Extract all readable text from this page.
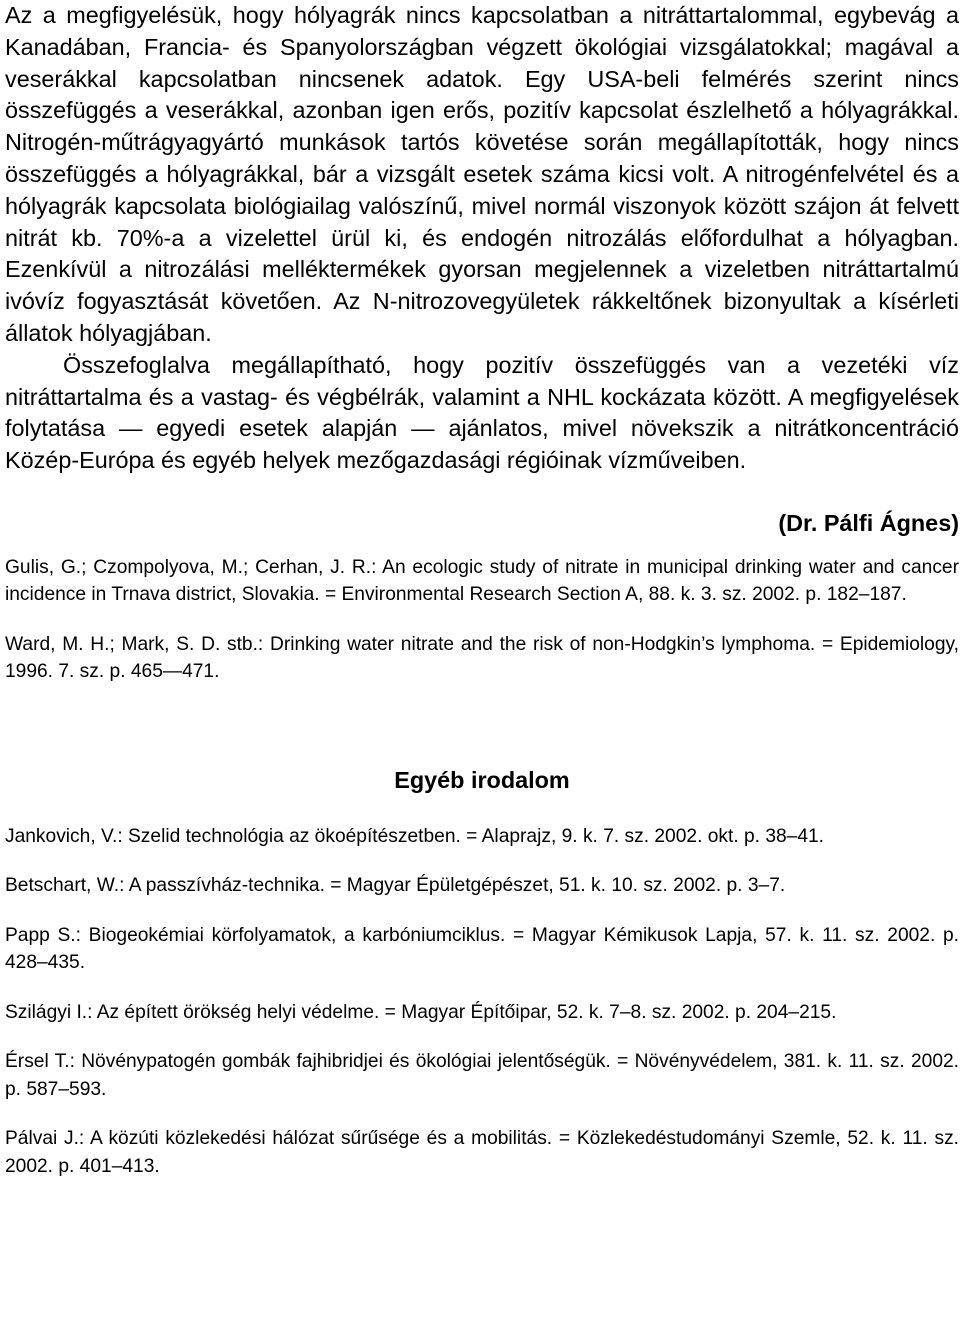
Az a megfigyelésük, hogy hólyagrák nincs kapcsolatban a nitráttartalommal, egybevág a Kanadában, Francia- és Spanyolországban végzett ökológiai vizsgálatokkal; magával a veserákkal kapcsolatban nincsenek adatok. Egy USA-beli felmérés szerint nincs összefüggés a veserákkal, azonban igen erős, pozitív kapcsolat észlelhető a hólyagrákkal. Nitrogén-műtrágyagyártó munkások tartós követése során megállapították, hogy nincs összefüggés a hólyagrákkal, bár a vizsgált esetek száma kicsi volt. A nitrogénfelvétel és a hólyagrák kapcsolata biológiailag valószínű, mivel normál viszonyok között szájon át felvett nitrát kb. 70%-a a vizelettel ürül ki, és endogén nitrozálás előfordulhat a hólyagban. Ezenkívül a nitrozálási melléktermékek gyorsan megjelennek a vizeletben nitráttartalmú ivóvíz fogyasztását követően. Az N-nitrozovegyületek rákkeltőnek bizonyultak a kísérleti állatok hólyagjában.

Összefoglalva megállapítható, hogy pozitív összefüggés van a vezetéki víz nitráttartalma és a vastag- és végbélrák, valamint a NHL kockázata között. A megfigyelések folytatása — egyedi esetek alapján — ajánlatos, mivel növekszik a nitrátkoncentráció Közép-Európa és egyéb helyek mezőgazdasági régióinak vízműveiben.

(Dr. Pálfi Ágnes)

Gulis, G.; Czompolyova, M.; Cerhan, J. R.: An ecologic study of nitrate in municipal drinking water and cancer incidence in Trnava district, Slovakia. = Environmental Research Section A, 88. k. 3. sz. 2002. p. 182–187.

Ward, M. H.; Mark, S. D. stb.: Drinking water nitrate and the risk of non-Hodgkin’s lymphoma. = Epidemiology, 1996. 7. sz. p. 465—471.

Egyéb irodalom

Jankovich, V.: Szelid technológia az ökoépítészetben. = Alaprajz, 9. k. 7. sz. 2002. okt. p. 38–41.

Betschart, W.: A passzívház-technika. = Magyar Épületgépészet, 51. k. 10. sz. 2002. p. 3–7.

Papp S.: Biogeokémiai körfolyamatok, a karbóniumciklus. = Magyar Kémikusok Lapja, 57. k. 11. sz. 2002. p. 428–435.

Szilágyi I.: Az épített örökség helyi védelme. = Magyar Építőipar, 52. k. 7–8. sz. 2002. p. 204–215.

Érsel T.: Növénypatogén gombák fajhibridjei és ökológiai jelentőségük. = Növényvédelem, 381. k. 11. sz. 2002. p. 587–593.

Pálvai J.: A közúti közlekedési hálózat sűrűsége és a mobilitás. = Közlekedéstudományi Szemle, 52. k. 11. sz. 2002. p. 401–413.
